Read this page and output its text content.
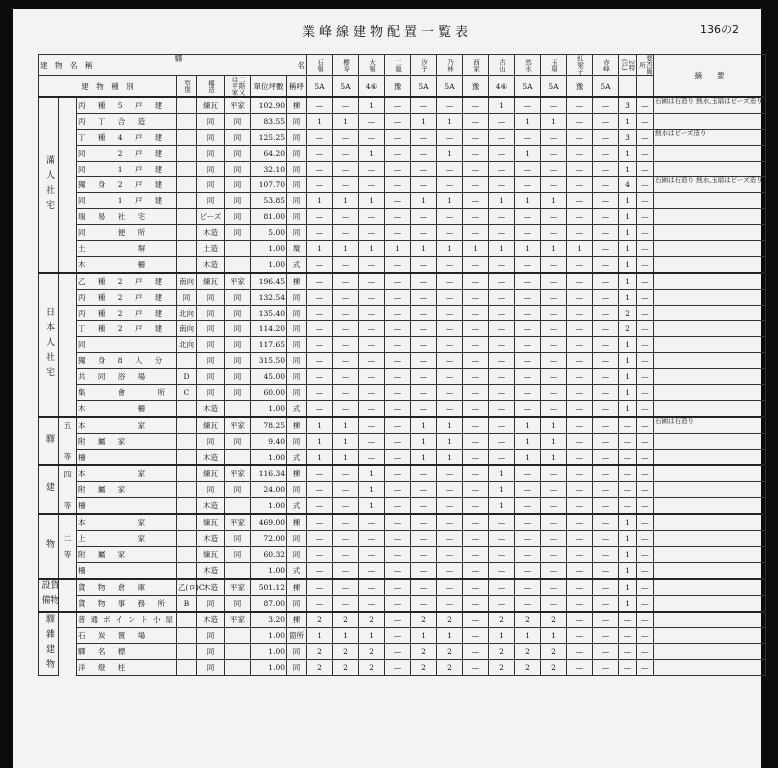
業峰線建物配置一覧表	136の2
建　物　名　稱 名
驛								石嶺	櫻寿	大嶺	二龍	汐子	乃林	西家	古山	然水	玉扇	紅梁子	赤峰	2特(戸)	要否箇所	摘　　要
建　物　種　別			型別	構造	二階又は平家	單位坪數	稱呼	5A	5A	4⑥	豫	5A	5A	豫	4⑥	5A	5A	豫	5A			
滿人社宅		丙 種 5 戸 建		煉瓦	平家	102.90	棟	—	—	1	—	—	—	—	1	—	—	—	—	3	—	石圍は石造り 熱水,玉扇はビーズ造り
		丙 丁 合 造		同	同	83.55	同	1	1	—	—	1	1	—	—	1	1	—	—	1	—	
		丁 種 4 戸 建		同	同	125.25	同	—	—	—	—	—	—	—	—	—	—	—	—	3	—	熱水はビーズ造り
		同 　 2 戸 建		同	同	64.20	同	—	—	1	—	—	1	—	—	1	—	—	—	1	—	
		同 　 1 戸 建		同	同	32.10	同	—	—	—	—	—	—	—	—	—	—	—	—	1	—	
		獨 身 2 戸 建		同	同	107.70	同	—	—	—	—	—	—	—	—	—	—	—	—	4	—	石圍は石造り 熱水,玉扇はビーズ造り
		同 　 1 戸 建		同	同	53.85	同	1	1	1	—	1	1	—	1	1	1	—	—	1	—	
		瑞 易 社 宅		ビーズ	同	81.00	同	—	—	—	—	—	—	—	—	—	—	—	—	1	—	
		同 　 便 所		木造	同	5.00	同	—	—	—	—	—	—	—	—	—	—	—	—	1	—	
		土 　 　 塀		土造		1.00	壇	1	1	1	1	1	1	1	1	1	1	1	—	1	—	
		木 　 　 柵		木造		1.00	式	—	—	—	—	—	—	—	—	—	—	—	—	1	—	
日本人社宅		乙 種 2 戸 建	南向	煉瓦	平家	196.45	棟	—	—	—	—	—	—	—	—	—	—	—	—	1	—	
		丙 種 2 戸 建	同	同	同	132.54	同	—	—	—	—	—	—	—	—	—	—	—	—	1	—	
		丙 種 2 戸 建	北向	同	同	135.40	同	—	—	—	—	—	—	—	—	—	—	—	—	2	—	
		丁 種 2 戸 建	南向	同	同	114.20	同	—	—	—	—	—	—	—	—	—	—	—	—	2	—	
		同	北向	同	同	117.65	同	—	—	—	—	—	—	—	—	—	—	—	—	1	—	
		獨 身 8 人 分		同	同	315.50	同	—	—	—	—	—	—	—	—	—	—	—	—	1	—	
		共 同 浴 場	D	同	同	45.00	同	—	—	—	—	—	—	—	—	—	—	—	—	1	—	
		集 　 會 　 所	C	同	同	60.00	同	—	—	—	—	—	—	—	—	—	—	—	—	1	—	
		木 　 　 柵		木造		1.00	式	—	—	—	—	—	—	—	—	—	—	—	—	1	—	
驛	五	本 　 　 家		煉瓦	平家	78.25	棟	1	1	—	—	1	1	—	—	1	1	—	—	—	—	石圍は石造り
		附 屬 家		同	同	9.40	同	1	1	—	—	1	1	—	—	1	1	—	—	—	—	
	等	柵		木造		1.00	式	1	1	—	—	1	1	—	—	1	1	—	—	—	—	
建	四	本 　 　 家		煉瓦	平家	116.34	棟	—	—	1	—	—	—	—	1	—	—	—	—	—	—	
		附 屬 家		同	同	24.00	同	—	—	1	—	—	—	—	1	—	—	—	—	—	—	
	等	柵		木造		1.00	式	—	—	1	—	—	—	—	1	—	—	—	—	—	—	
物		本 　 　 家		煉瓦	平家	469.00	棟	—	—	—	—	—	—	—	—	—	—	—	—	1	—	
	二	上 　 　 家		木造	同	72.00	同	—	—	—	—	—	—	—	—	—	—	—	—	1	—	
	等	附 屬 家		煉瓦	同	60.32	同	—	—	—	—	—	—	—	—	—	—	—	—	1	—	
		柵		木造		1.00	式	—	—	—	—	—	—	—	—	—	—	—	—	1	—	
貨物設備		貨 物 倉 庫	乙(ロ)C	木造	平家	501.12	棟	—	—	—	—	—	—	—	—	—	—	—	—	1	—	
		貨 物 事 務 所	B	同	同	87.00	同	—	—	—	—	—	—	—	—	—	—	—	—	1	—	
驛雜建物		普通ポイント小屋		木造	平家	3.20	棟	2	2	2	—	2	2	—	2	2	2	—	—	—	—	
		石 炭 置 場		同		1.00	箇所	1	1	1	—	1	1	—	1	1	1	—	—	—	—	
		驛 名 標		同		1.00	同	2	2	2	—	2	2	—	2	2	2	—	—	—	—	
		洋 燈 柱		同		1.00	同	2	2	2	—	2	2	—	2	2	2	—	—	—	—	
